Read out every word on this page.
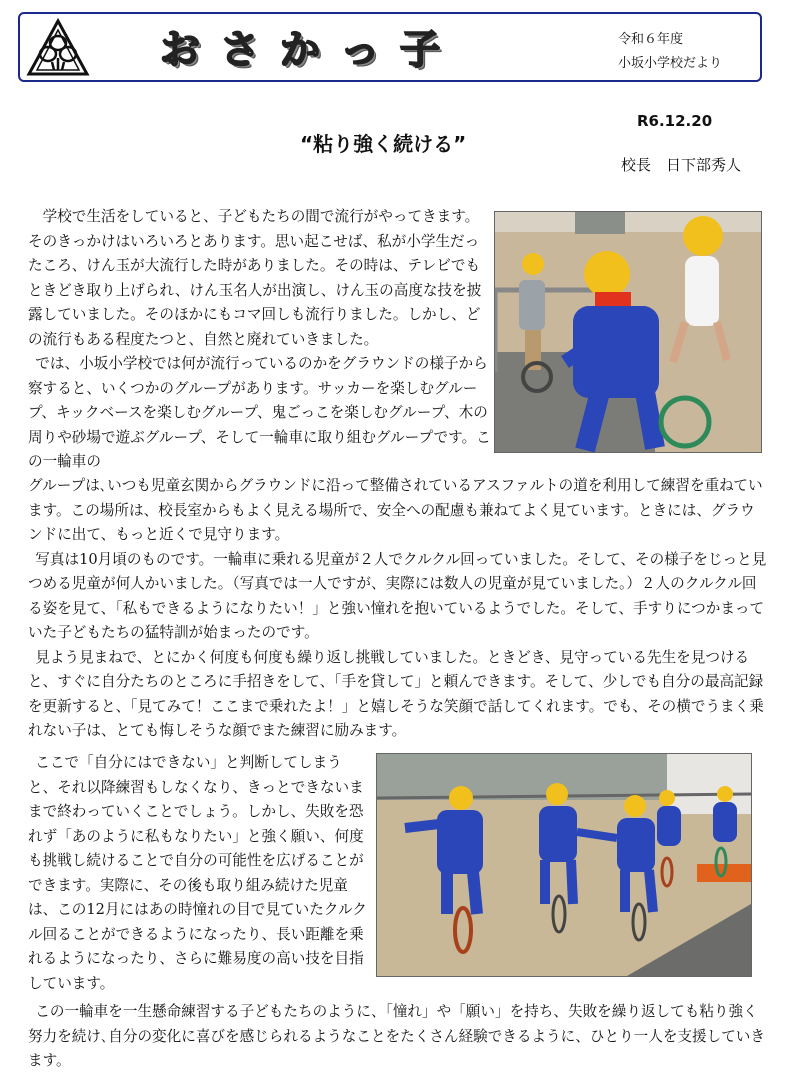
おさかっ子	令和６年度
小坂小学校だより
R6.12.20
“粘り強く続ける”
校長　日下部秀人
学校で生活をしていると、子どもたちの間で流行がやってきます。そのきっかけはいろいろとあります。思い起こせば、私が小学生だったころ、けん玉が大流行した時がありました。その時は、テレビでもときどき取り上げられ、けん玉名人が出演し、けん玉の高度な技を披露していました。そのほかにもコマ回しも流行りました。しかし、どの流行もある程度たつと、自然と廃れていきました。
では、小坂小学校では何が流行っているのかをグラウンドの様子から察すると、いくつかのグループがあります。サッカーを楽しむグループ、キックベースを楽しむグループ、鬼ごっこを楽しむグループ、木の周りや砂場で遊ぶグループ、そして一輪車に取り組むグループです。この一輪車の
グループは､いつも児童玄関からグラウンドに沿って整備されているアスファルトの道を利用して練習を重ねています。この場所は、校長室からもよく見える場所で、安全への配慮も兼ねてよく見ています。ときには、グラウンドに出て、もっと近くで見守ります。
写真は10月頃のものです。一輪車に乗れる児童が２人でクルクル回っていました。そして、その様子をじっと見つめる児童が何人かいました。（写真では一人ですが、実際には数人の児童が見ていました。）２人のクルクル回る姿を見て、「私もできるようになりたい！」と強い憧れを抱いているようでした。そして、手すりにつかまっていた子どもたちの猛特訓が始まったのです。
見よう見まねで、とにかく何度も何度も繰り返し挑戦していました。ときどき、見守っている先生を見つけると、すぐに自分たちのところに手招きをして、「手を貸して」と頼んできます。そして、少しでも自分の最高記録を更新すると、「見てみて！ここまで乗れたよ！」と嬉しそうな笑顔で話してくれます。でも、その横でうまく乗れない子は、とても悔しそうな顔でまた練習に励みます。
ここで「自分にはできない」と判断してしまうと、それ以降練習もしなくなり、きっとできないままで終わっていくことでしょう。しかし、失敗を恐れず「あのように私もなりたい」と強く願い、何度も挑戦し続けることで自分の可能性を広げることができます。実際に、その後も取り組み続けた児童は、この12月にはあの時憧れの目で見ていたクルクル回ることができるようになったり、長い距離を乗れるようになったり、さらに難易度の高い技を目指しています。
この一輪車を一生懸命練習する子どもたちのように、「憧れ」や「願い」を持ち、失敗を繰り返しても粘り強く努力を続け､自分の変化に喜びを感じられるようなことをたくさん経験できるように、ひとり一人を支援していきます。
